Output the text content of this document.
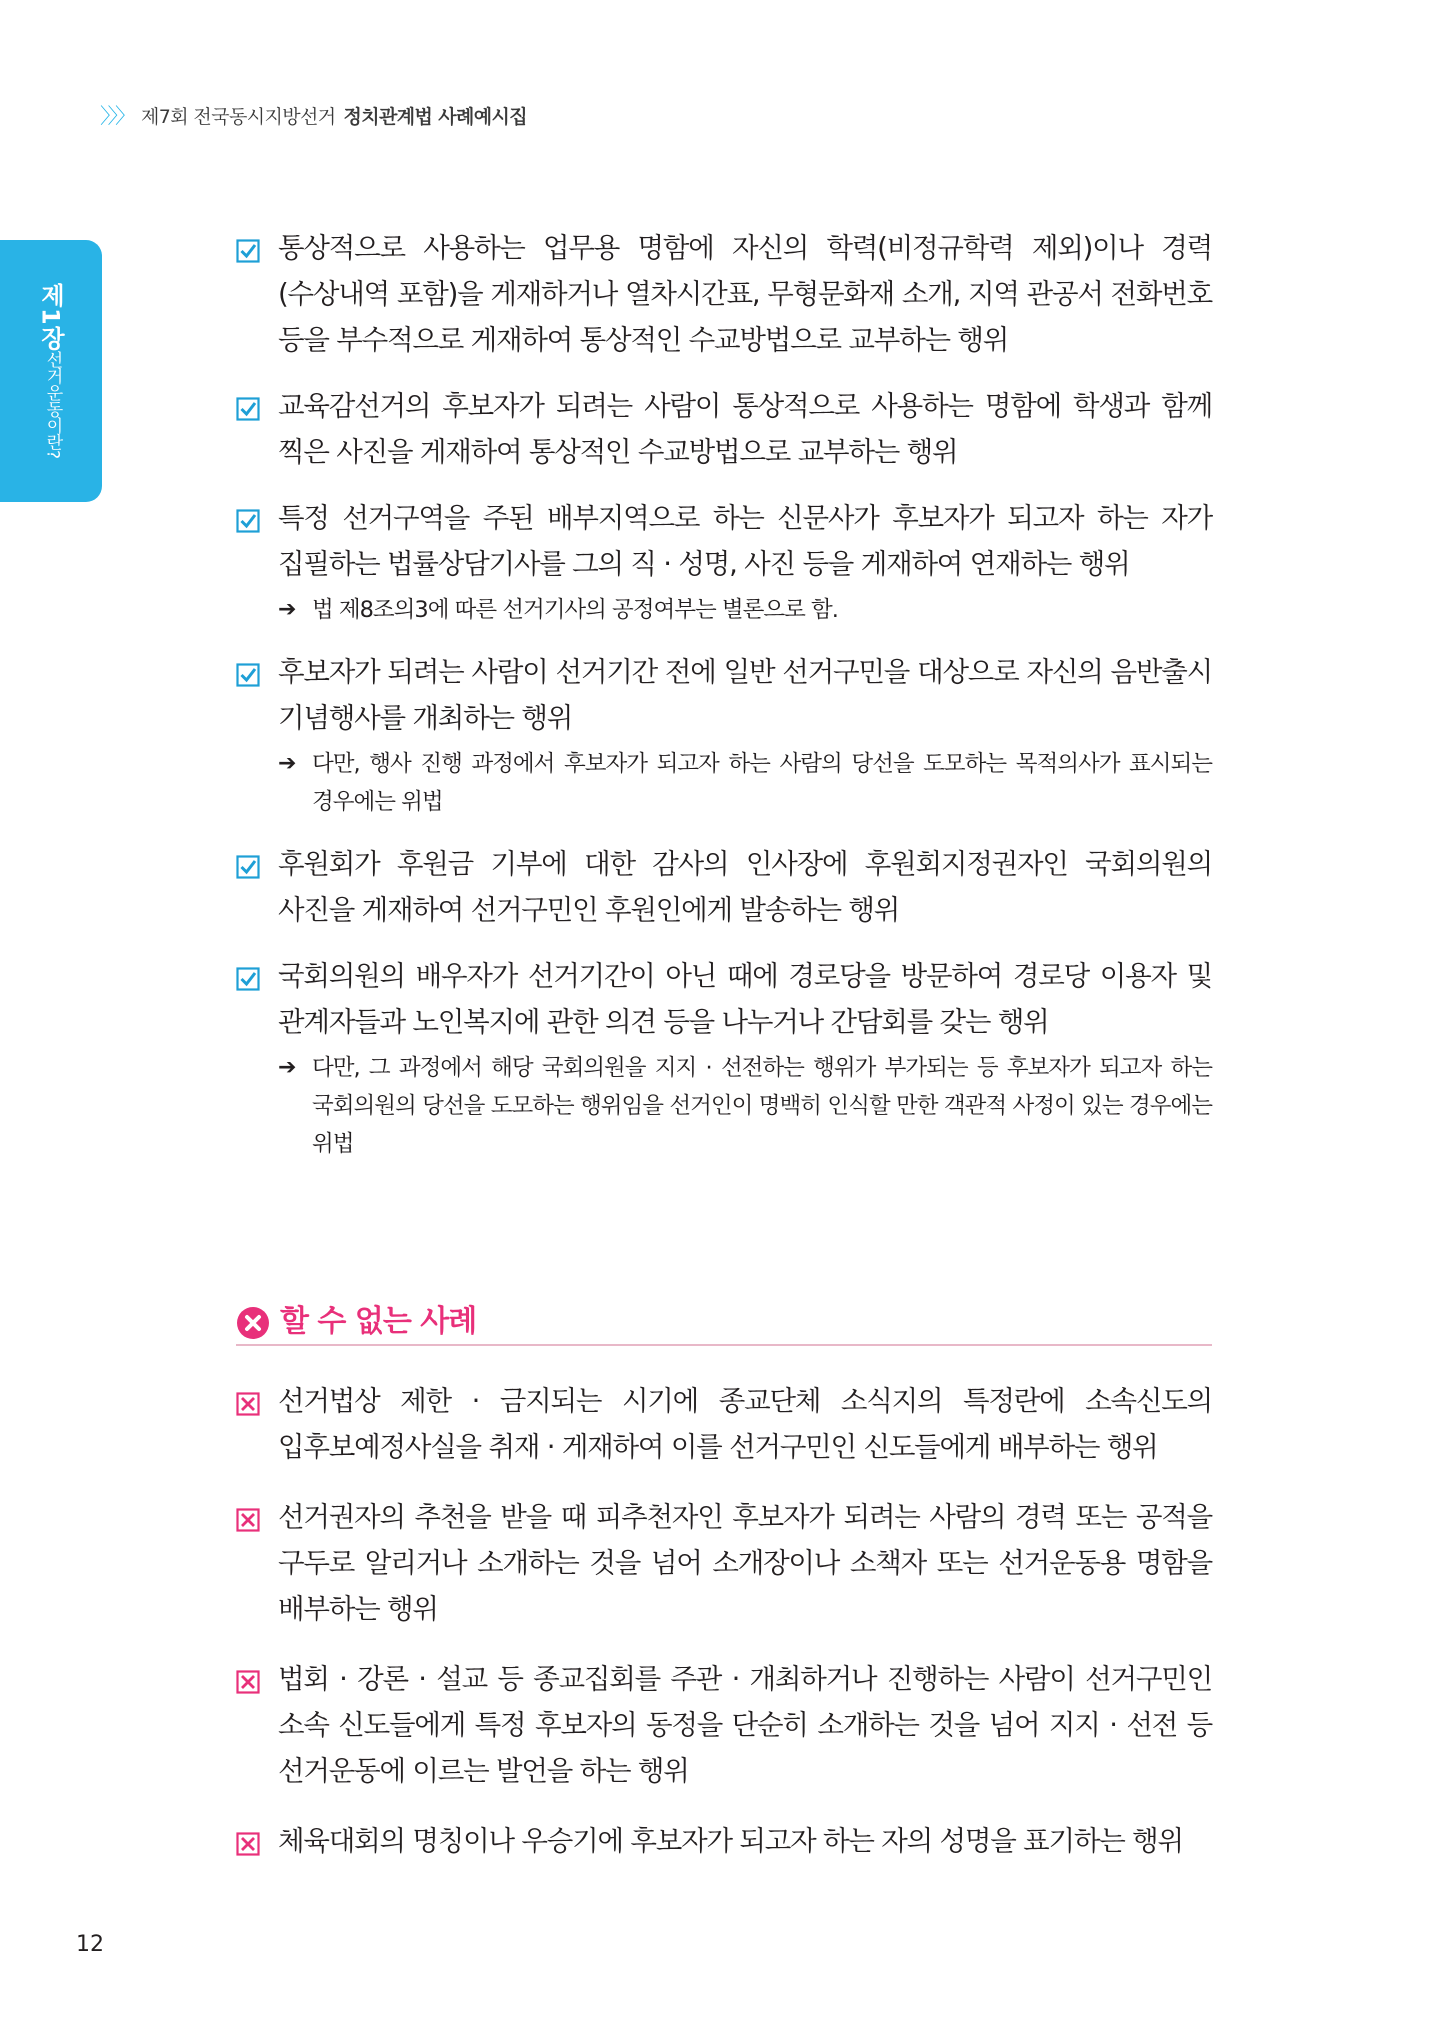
〉〉〉 제7회 전국동시지방선거 정치관계법 사례예시집
제1장
선거운동이란?
통상적으로 사용하는 업무용 명함에 자신의 학력(비정규학력 제외)이나 경력(수상내역 포함)을 게재하거나 열차시간표, 무형문화재 소개, 지역 관공서 전화번호 등을 부수적으로 게재하여 통상적인 수교방법으로 교부하는 행위
교육감선거의 후보자가 되려는 사람이 통상적으로 사용하는 명함에 학생과 함께 찍은 사진을 게재하여 통상적인 수교방법으로 교부하는 행위
특정 선거구역을 주된 배부지역으로 하는 신문사가 후보자가 되고자 하는 자가 집필하는 법률상담기사를 그의 직 · 성명, 사진 등을 게재하여 연재하는 행위
➔ 법 제8조의3에 따른 선거기사의 공정여부는 별론으로 함.
후보자가 되려는 사람이 선거기간 전에 일반 선거구민을 대상으로 자신의 음반출시 기념행사를 개최하는 행위
➔ 다만, 행사 진행 과정에서 후보자가 되고자 하는 사람의 당선을 도모하는 목적의사가 표시되는 경우에는 위법
후원회가 후원금 기부에 대한 감사의 인사장에 후원회지정권자인 국회의원의 사진을 게재하여 선거구민인 후원인에게 발송하는 행위
국회의원의 배우자가 선거기간이 아닌 때에 경로당을 방문하여 경로당 이용자 및 관계자들과 노인복지에 관한 의견 등을 나누거나 간담회를 갖는 행위
➔ 다만, 그 과정에서 해당 국회의원을 지지 · 선전하는 행위가 부가되는 등 후보자가 되고자 하는 국회의원의 당선을 도모하는 행위임을 선거인이 명백히 인식할 만한 객관적 사정이 있는 경우에는 위법
할 수 없는 사례
선거법상 제한 · 금지되는 시기에 종교단체 소식지의 특정란에 소속신도의 입후보예정사실을 취재 · 게재하여 이를 선거구민인 신도들에게 배부하는 행위
선거권자의 추천을 받을 때 피추천자인 후보자가 되려는 사람의 경력 또는 공적을 구두로 알리거나 소개하는 것을 넘어 소개장이나 소책자 또는 선거운동용 명함을 배부하는 행위
법회 · 강론 · 설교 등 종교집회를 주관 · 개최하거나 진행하는 사람이 선거구민인 소속 신도들에게 특정 후보자의 동정을 단순히 소개하는 것을 넘어 지지 · 선전 등 선거운동에 이르는 발언을 하는 행위
체육대회의 명칭이나 우승기에 후보자가 되고자 하는 자의 성명을 표기하는 행위
12
